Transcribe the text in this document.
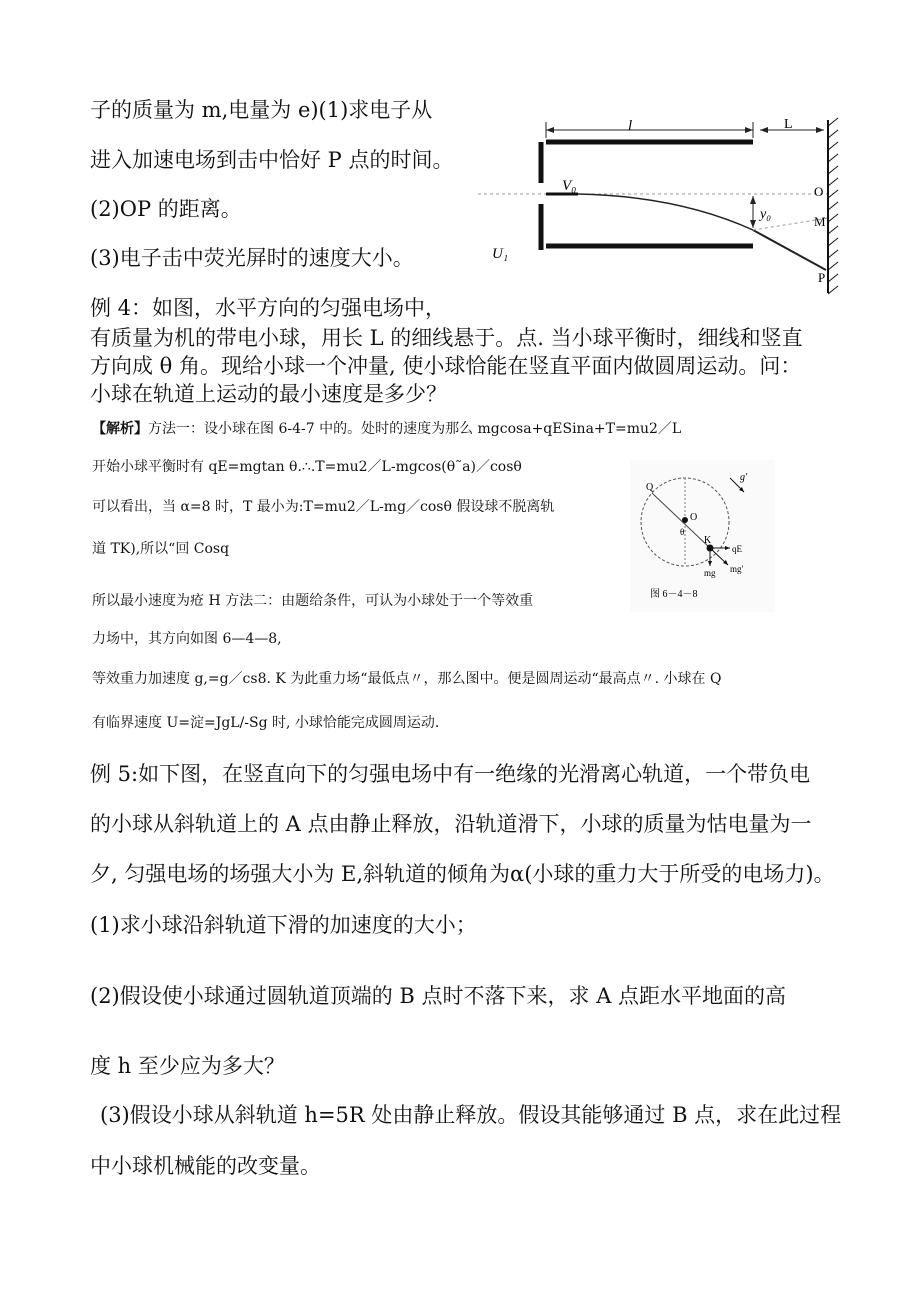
子的质量为 m,电量为 e)(1)求电子从
进入加速电场到击中恰好 P 点的时间。
(2)OP 的距离。
(3)电子击中荧光屏时的速度大小。
l	L
y₀
V₀	O
M
P
U₁
例 4：如图，水平方向的匀强电场中，
有质量为机的带电小球，用长 L 的细线悬于。点. 当小球平衡时，细线和竖直
方向成 θ 角。现给小球一个冲量, 使小球恰能在竖直平面内做圆周运动。问：
小球在轨道上运动的最小速度是多少？
【解析】方法一：设小球在图 6-4-7 中的。处时的速度为那么 mgcosa+qESina+T=mu2／L
开始小球平衡时有 qE=mgtan θ.∴.T=mu2／L-mgcos(θ˜a)／cosθ
可以看出，当 α=8 时，T 最小为:T=mu2／L-mg／cosθ 假设球不脱离轨
道 TK),所以“回 Cosq
所以最小速度为疮 H 方法二：由题给条件，可认为小球处于一个等效重
力场中，其方向如图 6—4—8,
等效重力加速度 g,=g／cs8. K 为此重力场“最低点〃，那么图中。便是圆周运动“最高点〃. 小球在 Q
有临界速度 U=淀=JgL/-Sg 时, 小球恰能完成圆周运动.
O
θ
Q
K
qE
mg mg′
g′
图 6－4－8
例 5:如下图，在竖直向下的匀强电场中有一绝缘的光滑离心轨道，一个带负电
的小球从斜轨道上的 A 点由静止释放，沿轨道滑下，小球的质量为怙电量为一
夕, 匀强电场的场强大小为 E,斜轨道的倾角为α(小球的重力大于所受的电场力)。
(1)求小球沿斜轨道下滑的加速度的大小；
(2)假设使小球通过圆轨道顶端的 B 点时不落下来，求 A 点距水平地面的高
度 h 至少应为多大？
(3)假设小球从斜轨道 h=5R 处由静止释放。假设其能够通过 B 点，求在此过程
中小球机械能的改变量。
